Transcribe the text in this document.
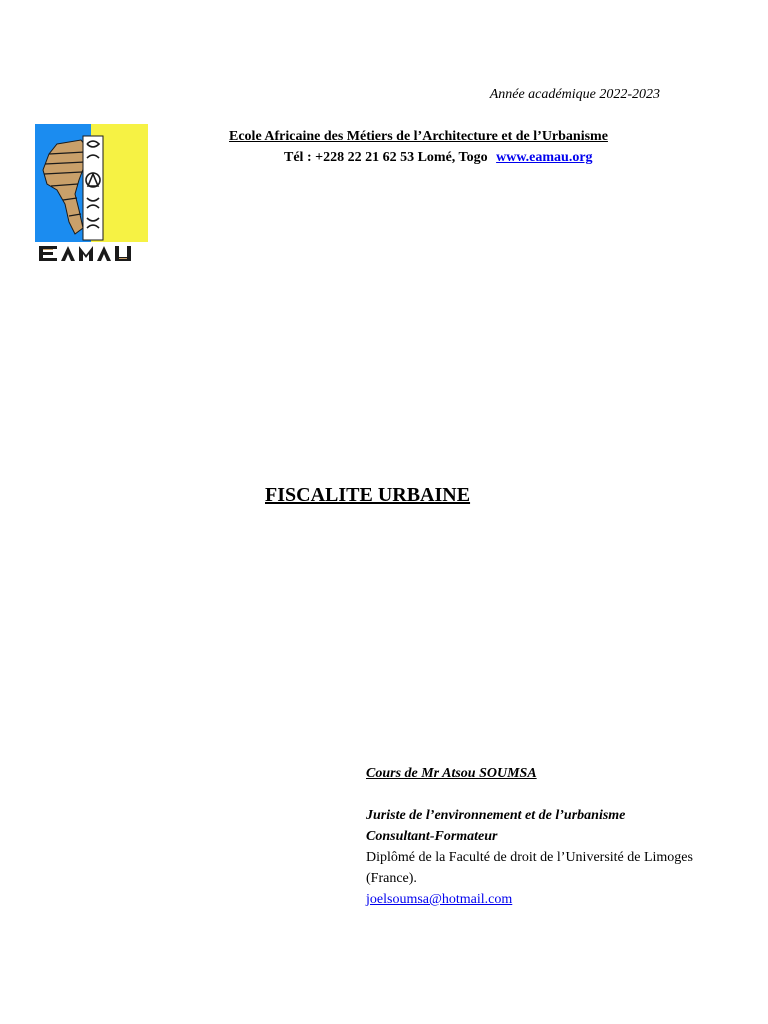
Année académique 2022-2023
Ecole Africaine des Métiers de l’Architecture et de l’Urbanisme
Tél : +228 22 21 62 53 Lomé, Togo www.eamau.org
FISCALITE URBAINE
Cours de Mr Atsou SOUMSA
Juriste de l’environnement et de l’urbanisme
Consultant-Formateur
Diplômé de la Faculté de droit de l’Université de Limoges (France).
joelsoumsa@hotmail.com
